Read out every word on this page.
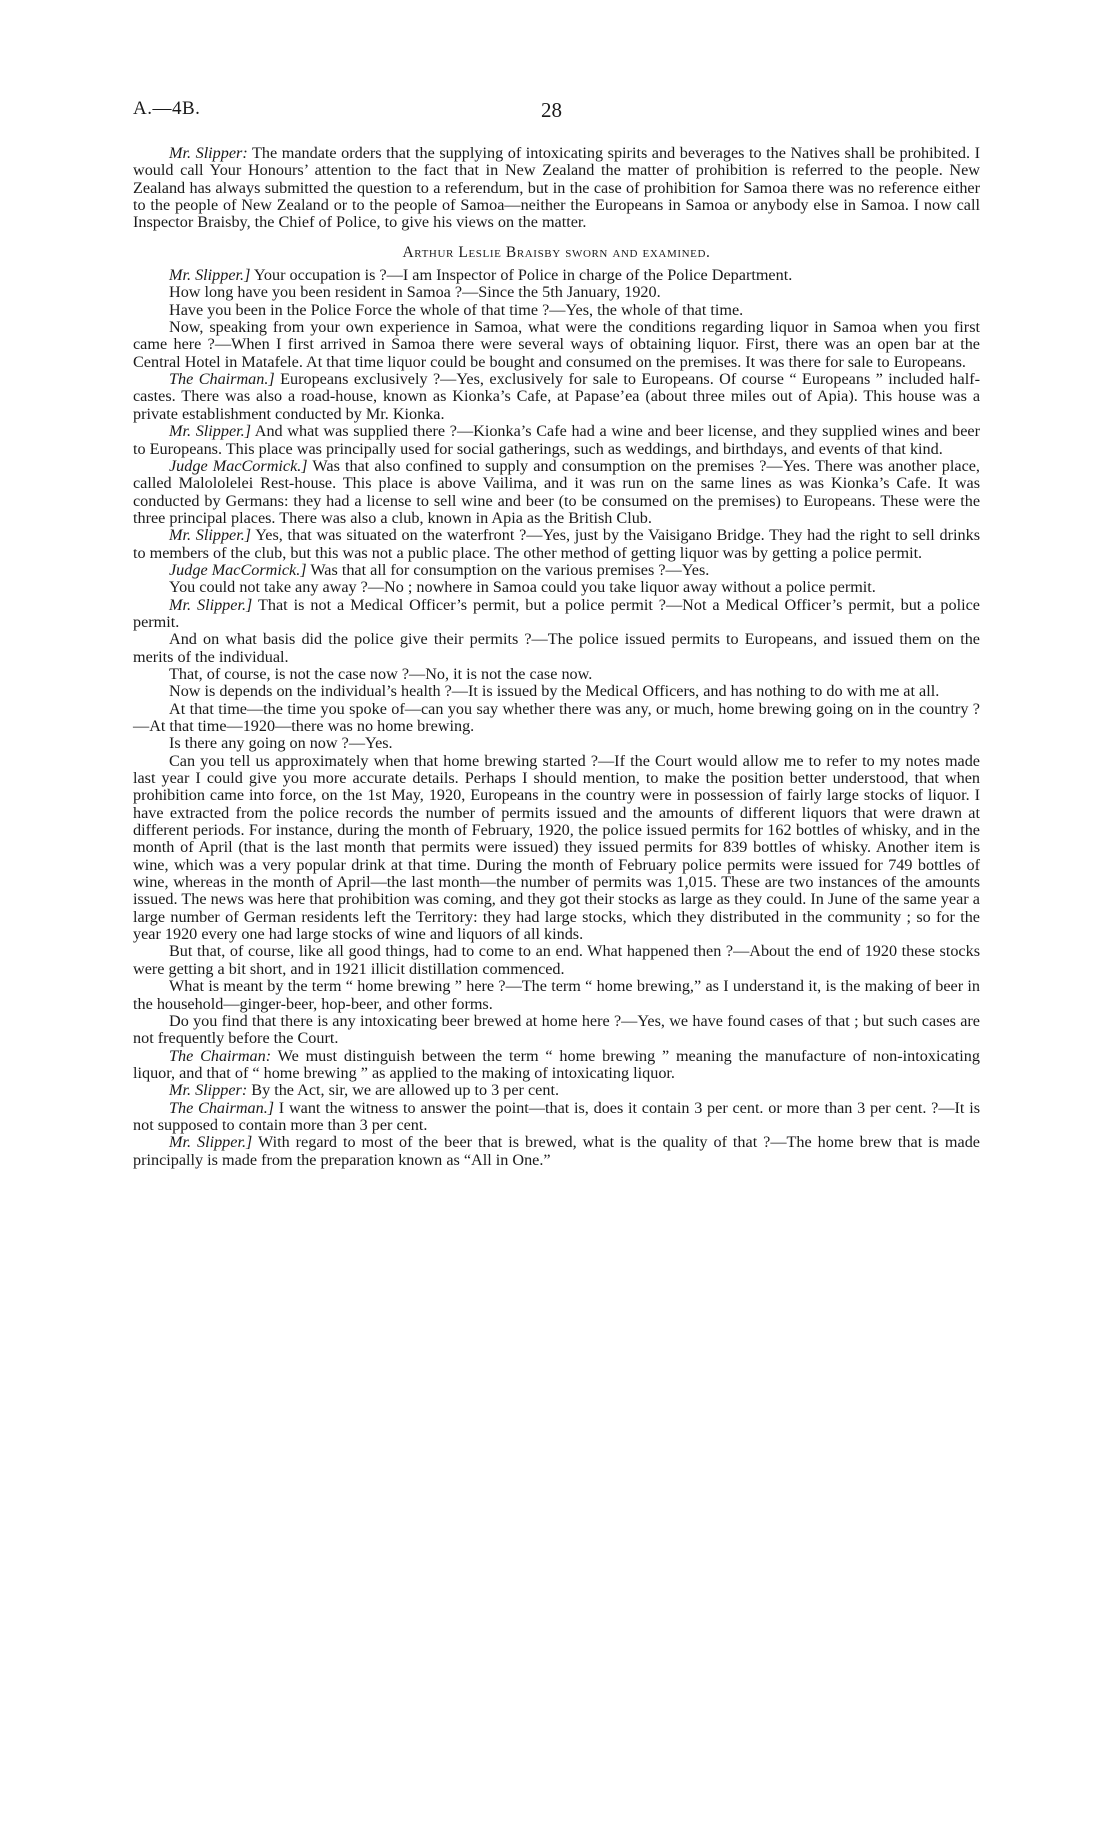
A.—4B.	28

Mr. Slipper: The mandate orders that the supplying of intoxicating spirits and beverages to the Natives shall be prohibited. I would call Your Honours’ attention to the fact that in New Zealand the matter of prohibition is referred to the people. New Zealand has always submitted the question to a referendum, but in the case of prohibition for Samoa there was no reference either to the people of New Zealand or to the people of Samoa—neither the Europeans in Samoa or anybody else in Samoa. I now call Inspector Braisby, the Chief of Police, to give his views on the matter.

Arthur Leslie Braisby sworn and examined.

Mr. Slipper.] Your occupation is ?—I am Inspector of Police in charge of the Police Department.

How long have you been resident in Samoa ?—Since the 5th January, 1920.

Have you been in the Police Force the whole of that time ?—Yes, the whole of that time.

Now, speaking from your own experience in Samoa, what were the conditions regarding liquor in Samoa when you first came here ?—When I first arrived in Samoa there were several ways of obtaining liquor. First, there was an open bar at the Central Hotel in Matafele. At that time liquor could be bought and consumed on the premises. It was there for sale to Europeans.

The Chairman.] Europeans exclusively ?—Yes, exclusively for sale to Europeans. Of course “ Europeans ” included half-castes. There was also a road-house, known as Kionka’s Cafe, at Papase’ea (about three miles out of Apia). This house was a private establishment conducted by Mr. Kionka.

Mr. Slipper.] And what was supplied there ?—Kionka’s Cafe had a wine and beer license, and they supplied wines and beer to Europeans. This place was principally used for social gatherings, such as weddings, and birthdays, and events of that kind.

Judge MacCormick.] Was that also confined to supply and consumption on the premises ?—Yes. There was another place, called Malololelei Rest-house. This place is above Vailima, and it was run on the same lines as was Kionka’s Cafe. It was conducted by Germans: they had a license to sell wine and beer (to be consumed on the premises) to Europeans. These were the three principal places. There was also a club, known in Apia as the British Club.

Mr. Slipper.] Yes, that was situated on the waterfront ?—Yes, just by the Vaisigano Bridge. They had the right to sell drinks to members of the club, but this was not a public place. The other method of getting liquor was by getting a police permit.

Judge MacCormick.] Was that all for consumption on the various premises ?—Yes.

You could not take any away ?—No ; nowhere in Samoa could you take liquor away without a police permit.

Mr. Slipper.] That is not a Medical Officer’s permit, but a police permit ?—Not a Medical Officer’s permit, but a police permit.

And on what basis did the police give their permits ?—The police issued permits to Europeans, and issued them on the merits of the individual.

That, of course, is not the case now ?—No, it is not the case now.

Now is depends on the individual’s health ?—It is issued by the Medical Officers, and has nothing to do with me at all.

At that time—the time you spoke of—can you say whether there was any, or much, home brewing going on in the country ?—At that time—1920—there was no home brewing.

Is there any going on now ?—Yes.

Can you tell us approximately when that home brewing started ?—If the Court would allow me to refer to my notes made last year I could give you more accurate details. Perhaps I should mention, to make the position better understood, that when prohibition came into force, on the 1st May, 1920, Europeans in the country were in possession of fairly large stocks of liquor. I have extracted from the police records the number of permits issued and the amounts of different liquors that were drawn at different periods. For instance, during the month of February, 1920, the police issued permits for 162 bottles of whisky, and in the month of April (that is the last month that permits were issued) they issued permits for 839 bottles of whisky. Another item is wine, which was a very popular drink at that time. During the month of February police permits were issued for 749 bottles of wine, whereas in the month of April—the last month—the number of permits was 1,015. These are two instances of the amounts issued. The news was here that prohibition was coming, and they got their stocks as large as they could. In June of the same year a large number of German residents left the Territory: they had large stocks, which they distributed in the community ; so for the year 1920 every one had large stocks of wine and liquors of all kinds.

But that, of course, like all good things, had to come to an end. What happened then ?—About the end of 1920 these stocks were getting a bit short, and in 1921 illicit distillation commenced.

What is meant by the term “ home brewing ” here ?—The term “ home brewing,” as I understand it, is the making of beer in the household—ginger-beer, hop-beer, and other forms.

Do you find that there is any intoxicating beer brewed at home here ?—Yes, we have found cases of that ; but such cases are not frequently before the Court.

The Chairman: We must distinguish between the term “ home brewing ” meaning the manufacture of non-intoxicating liquor, and that of “ home brewing ” as applied to the making of intoxicating liquor.

Mr. Slipper: By the Act, sir, we are allowed up to 3 per cent.

The Chairman.] I want the witness to answer the point—that is, does it contain 3 per cent. or more than 3 per cent. ?—It is not supposed to contain more than 3 per cent.

Mr. Slipper.] With regard to most of the beer that is brewed, what is the quality of that ?—The home brew that is made principally is made from the preparation known as “All in One.”
